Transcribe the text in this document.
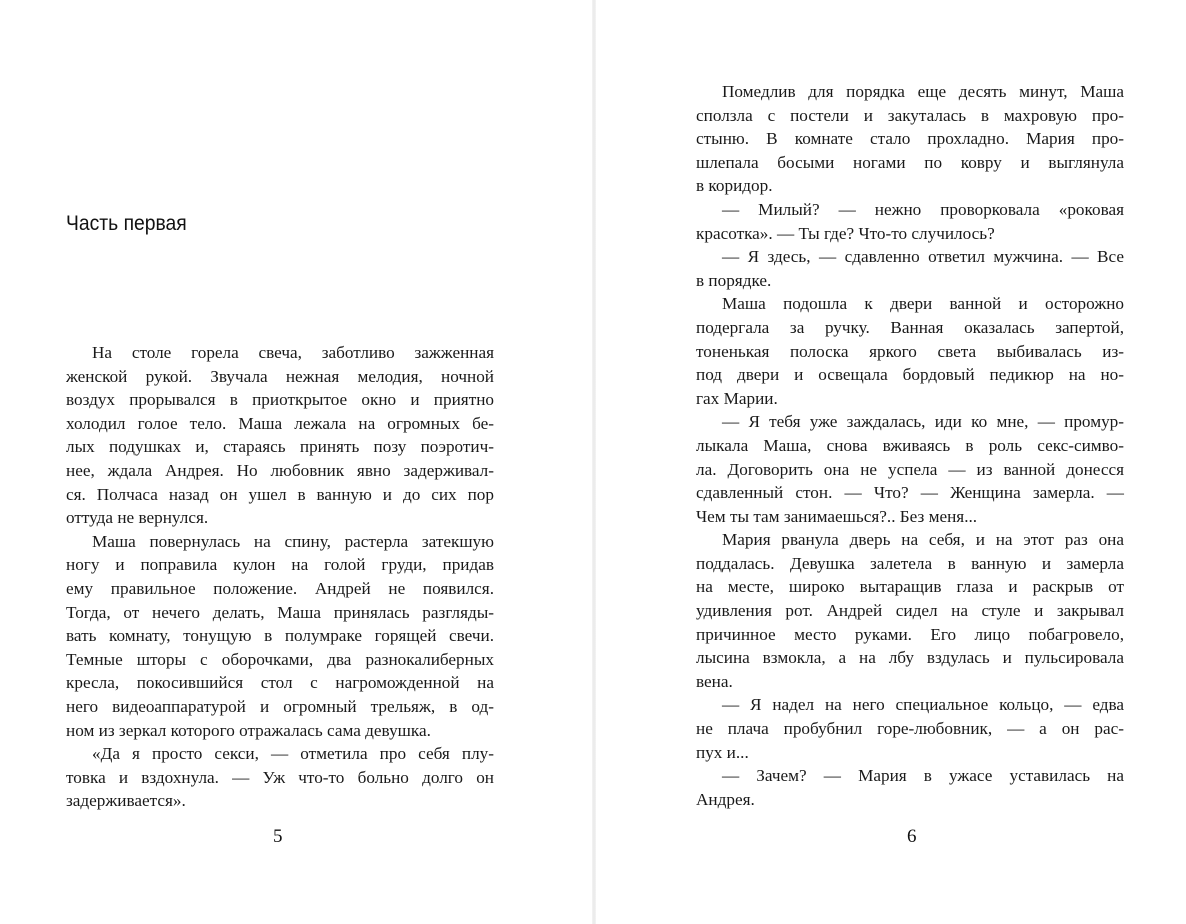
Часть первая
На столе горела свеча, заботливо зажженная
женской рукой. Звучала нежная мелодия, ночной
воздух прорывался в приоткрытое окно и приятно
холодил голое тело. Маша лежала на огромных бе-
лых подушках и, стараясь принять позу поэротич-
нее, ждала Андрея. Но любовник явно задерживал-
ся. Полчаса назад он ушел в ванную и до сих пор
оттуда не вернулся.
Маша повернулась на спину, растерла затекшую
ногу и поправила кулон на голой груди, придав
ему правильное положение. Андрей не появился.
Тогда, от нечего делать, Маша принялась разгляды-
вать комнату, тонущую в полумраке горящей свечи.
Темные шторы с оборочками, два разнокалиберных
кресла, покосившийся стол с нагроможденной на
него видеоаппаратурой и огромный трельяж, в од-
ном из зеркал которого отражалась сама девушка.
«Да я просто секси, — отметила про себя плу-
товка и вздохнула. — Уж что-то больно долго он
задерживается».
5
Помедлив для порядка еще десять минут, Маша
сползла с постели и закуталась в махровую про-
стыню. В комнате стало прохладно. Мария про-
шлепала босыми ногами по ковру и выглянула
в коридор.
— Милый? — нежно проворковала «роковая
красотка». — Ты где? Что-то случилось?
— Я здесь, — сдавленно ответил мужчина. — Все
в порядке.
Маша подошла к двери ванной и осторожно
подергала за ручку. Ванная оказалась запертой,
тоненькая полоска яркого света выбивалась из-
под двери и освещала бордовый педикюр на но-
гах Марии.
— Я тебя уже заждалась, иди ко мне, — промур-
лыкала Маша, снова вживаясь в роль секс-симво-
ла. Договорить она не успела — из ванной донесся
сдавленный стон. — Что? — Женщина замерла. —
Чем ты там занимаешься?.. Без меня...
Мария рванула дверь на себя, и на этот раз она
поддалась. Девушка залетела в ванную и замерла
на месте, широко вытаращив глаза и раскрыв от
удивления рот. Андрей сидел на стуле и закрывал
причинное место руками. Его лицо побагровело,
лысина взмокла, а на лбу вздулась и пульсировала
вена.
— Я надел на него специальное кольцо, — едва
не плача пробубнил горе-любовник, — а он рас-
пух и...
— Зачем? — Мария в ужасе уставилась на
Андрея.
6
